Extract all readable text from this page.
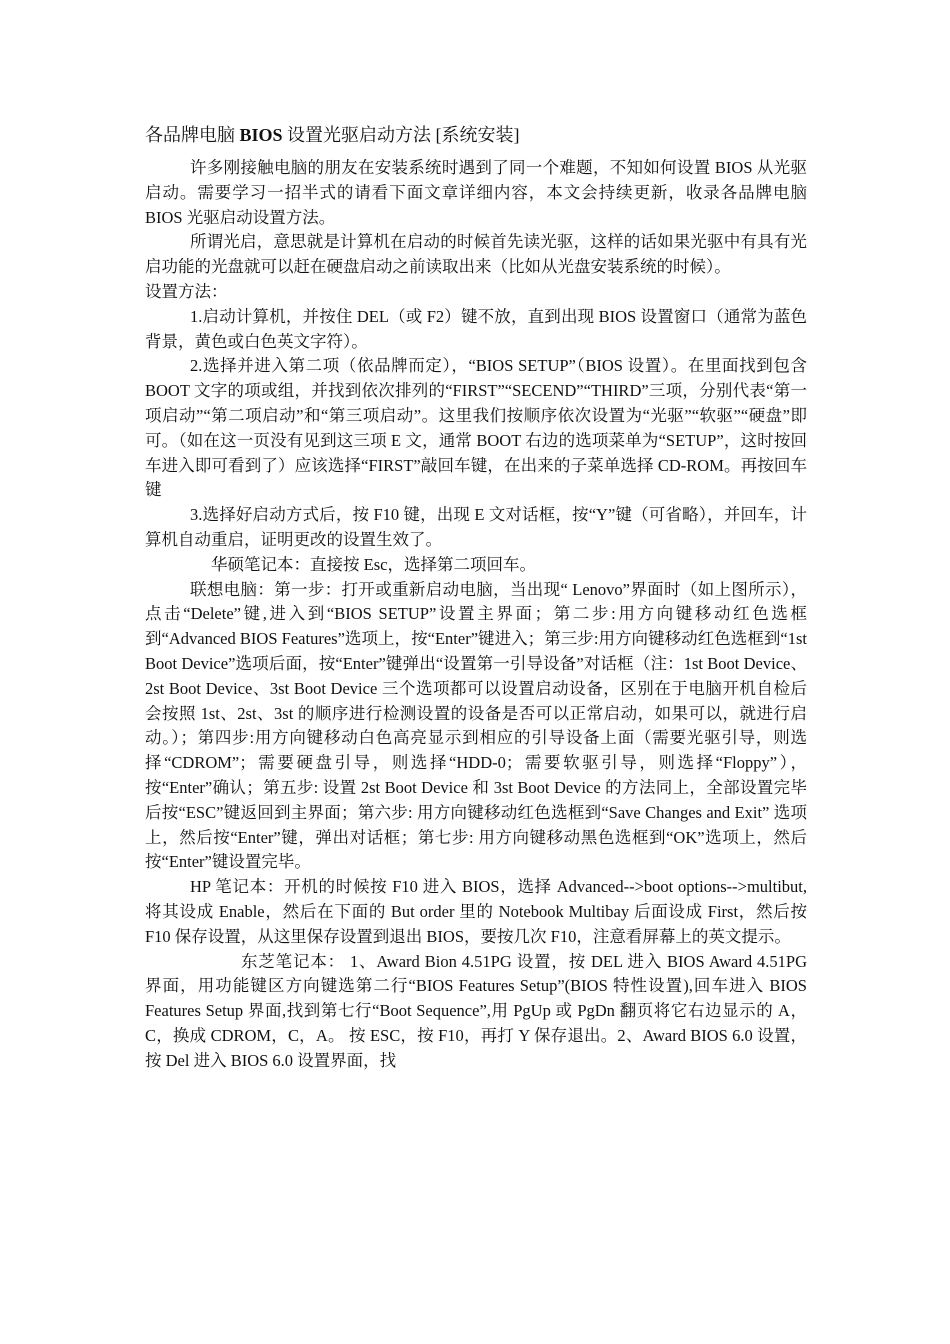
各品牌电脑 BIOS 设置光驱启动方法 [系统安装]

许多刚接触电脑的朋友在安装系统时遇到了同一个难题，不知如何设置 BIOS 从光驱启动。需要学习一招半式的请看下面文章详细内容，本文会持续更新，收录各品牌电脑 BIOS 光驱启动设置方法。

所谓光启，意思就是计算机在启动的时候首先读光驱，这样的话如果光驱中有具有光启功能的光盘就可以赶在硬盘启动之前读取出来（比如从光盘安装系统的时候）。

设置方法：

1.启动计算机，并按住 DEL（或 F2）键不放，直到出现 BIOS 设置窗口（通常为蓝色背景，黄色或白色英文字符）。

2.选择并进入第二项（依品牌而定），“BIOS SETUP”（BIOS 设置）。在里面找到包含 BOOT 文字的项或组，并找到依次排列的“FIRST”“SECEND”“THIRD”三项，分别代表“第一项启动”“第二项启动”和“第三项启动”。这里我们按顺序依次设置为“光驱”“软驱”“硬盘”即可。（如在这一页没有见到这三项 E 文，通常 BOOT 右边的选项菜单为“SETUP”，这时按回车进入即可看到了）应该选择“FIRST”敲回车键，在出来的子菜单选择 CD-ROM。再按回车键

3.选择好启动方式后，按 F10 键，出现 E 文对话框，按“Y”键（可省略），并回车，计算机自动重启，证明更改的设置生效了。

华硕笔记本：直接按 Esc，选择第二项回车。

联想电脑：第一步：打开或重新启动电脑，当出现“ Lenovo”界面时（如上图所示），点击“Delete”键,进入到“BIOS SETUP”设置主界面；第二步:用方向键移动红色选框到“Advanced BIOS Features”选项上，按“Enter”键进入；第三步:用方向键移动红色选框到“1st Boot Device”选项后面，按“Enter”键弹出“设置第一引导设备”对话框（注：1st Boot Device、2st Boot Device、3st Boot Device 三个选项都可以设置启动设备，区别在于电脑开机自检后会按照 1st、2st、3st 的顺序进行检测设置的设备是否可以正常启动，如果可以，就进行启动。）；第四步:用方向键移动白色高亮显示到相应的引导设备上面（需要光驱引导，则选择“CDROM”；需要硬盘引导，则选择“HDD-0；需要软驱引导，则选择“Floppy”），按“Enter”确认；第五步: 设置 2st Boot Device 和 3st Boot Device 的方法同上，全部设置完毕后按“ESC”键返回到主界面；第六步: 用方向键移动红色选框到“Save Changes and Exit” 选项上，然后按“Enter”键，弹出对话框；第七步: 用方向键移动黑色选框到“OK”选项上，然后按“Enter”键设置完毕。

HP 笔记本：开机的时候按 F10 进入 BIOS，选择 Advanced-->boot options-->multibut,将其设成 Enable，然后在下面的 But order 里的 Notebook Multibay 后面设成 First，然后按 F10 保存设置，从这里保存设置到退出 BIOS，要按几次 F10，注意看屏幕上的英文提示。

东芝笔记本： 1、Award Bion 4.51PG 设置，按 DEL 进入 BIOS Award 4.51PG 界面，用功能键区方向键选第二行“BIOS Features Setup”(BIOS 特性设置),回车进入 BIOS Features Setup 界面,找到第七行“Boot Sequence”,用 PgUp 或 PgDn 翻页将它右边显示的 A，C，换成 CDROM，C，A。 按 ESC，按 F10，再打 Y 保存退出。2、Award BIOS 6.0 设置，按 Del 进入 BIOS 6.0 设置界面，找
